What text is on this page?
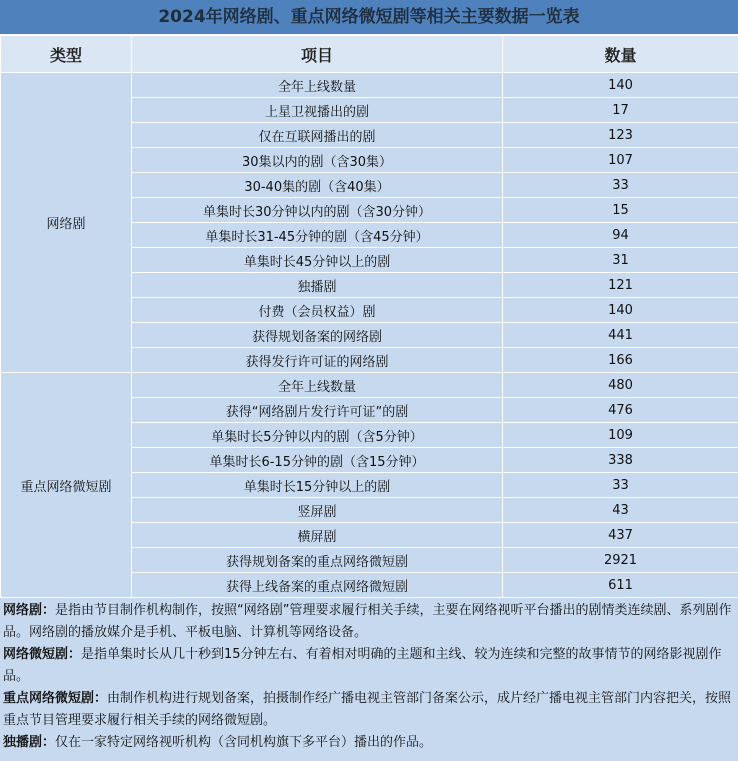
2024年网络剧、重点网络微短剧等相关主要数据一览表
类型	项目	数量
网络剧	全年上线数量	140
	上星卫视播出的剧	17
	仅在互联网播出的剧	123
	30集以内的剧（含30集）	107
	30-40集的剧（含40集）	33
	单集时长30分钟以内的剧（含30分钟）	15
	单集时长31-45分钟的剧（含45分钟）	94
	单集时长45分钟以上的剧	31
	独播剧	121
	付费（会员权益）剧	140
	获得规划备案的网络剧	441
	获得发行许可证的网络剧	166
重点网络微短剧	全年上线数量	480
	获得“网络剧片发行许可证”的剧	476
	单集时长5分钟以内的剧（含5分钟）	109
	单集时长6-15分钟的剧（含15分钟）	338
	单集时长15分钟以上的剧	33
	竖屏剧	43
	横屏剧	437
	获得规划备案的重点网络微短剧	2921
	获得上线备案的重点网络微短剧	611
网络剧：是指由节目制作机构制作，按照“网络剧”管理要求履行相关手续，主要在网络视听平台播出的剧情类连续剧、系列剧作品。网络剧的播放媒介是手机、平板电脑、计算机等网络设备。
网络微短剧：是指单集时长从几十秒到15分钟左右、有着相对明确的主题和主线、较为连续和完整的故事情节的网络影视剧作品。
重点网络微短剧：由制作机构进行规划备案，拍摄制作经广播电视主管部门备案公示，成片经广播电视主管部门内容把关，按照重点节目管理要求履行相关手续的网络微短剧。
独播剧：仅在一家特定网络视听机构（含同机构旗下多平台）播出的作品。
